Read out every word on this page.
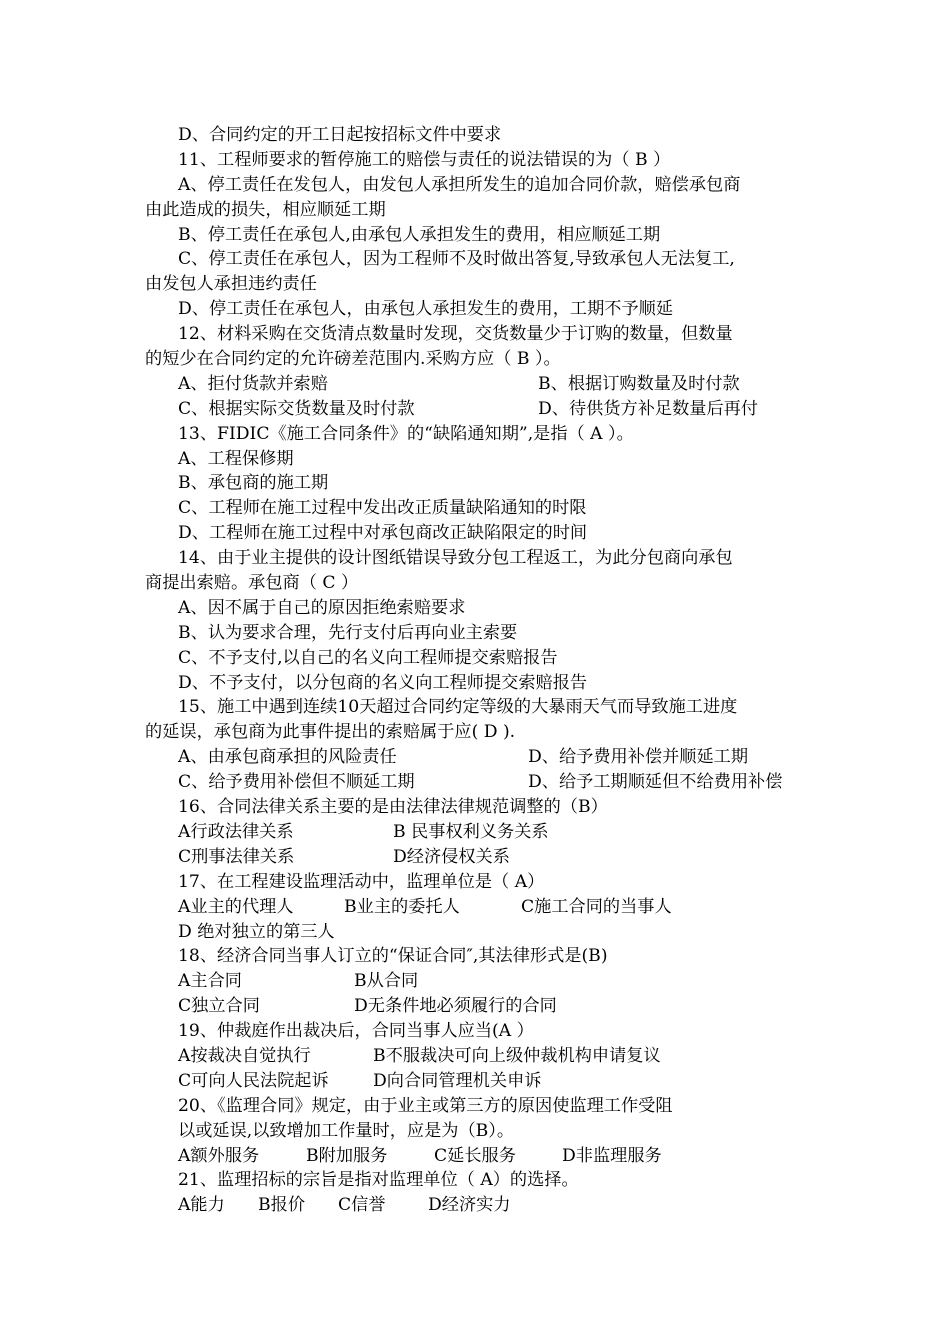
D、合同约定的开工日起按招标文件中要求
11、工程师要求的暂停施工的赔偿与责任的说法错误的为（ B ）
A、停工责任在发包人，由发包人承担所发生的追加合同价款，赔偿承包商
由此造成的损失，相应顺延工期
B、停工责任在承包人,由承包人承担发生的费用，相应顺延工期
C、停工责任在承包人，因为工程师不及时做出答复,导致承包人无法复工,
由发包人承担违约责任
D、停工责任在承包人，由承包人承担发生的费用，工期不予顺延
12、材料采购在交货清点数量时发现，交货数量少于订购的数量，但数量
的短少在合同约定的允许磅差范围内.采购方应（ B ）。
A、拒付货款并索赔	B、根据订购数量及时付款
C、根据实际交货数量及时付款	D、待供货方补足数量后再付
13、FIDIC《施工合同条件》的“缺陷通知期”,是指（ A ）。
A、工程保修期
B、承包商的施工期
C、工程师在施工过程中发出改正质量缺陷通知的时限
D、工程师在施工过程中对承包商改正缺陷限定的时间
14、由于业主提供的设计图纸错误导致分包工程返工，为此分包商向承包
商提出索赔。承包商（ C ）
A、因不属于自己的原因拒绝索赔要求
B、认为要求合理，先行支付后再向业主索要
C、不予支付,以自己的名义向工程师提交索赔报告
D、不予支付，以分包商的名义向工程师提交索赔报告
15、施工中遇到连续10天超过合同约定等级的大暴雨天气而导致施工进度
的延误，承包商为此事件提出的索赔属于应( D ).
A、由承包商承担的风险责任	D、给予费用补偿并顺延工期
C、给予费用补偿但不顺延工期	D、给予工期顺延但不给费用补偿
16、合同法律关系主要的是由法律法律规范调整的（B）
A行政法律关系	B 民事权利义务关系
C刑事法律关系	D经济侵权关系
17、在工程建设监理活动中，监理单位是（ A）
A业主的代理人	B业主的委托人	C施工合同的当事人
D 绝对独立的第三人
18、经济合同当事人订立的“保证合同″,其法律形式是(B)
A主合同	B从合同
C独立合同	D无条件地必须履行的合同
19、仲裁庭作出裁决后，合同当事人应当(A ）
A按裁决自觉执行	B不服裁决可向上级仲裁机构申请复议
C可向人民法院起诉	D向合同管理机关申诉
20、《监理合同》规定，由于业主或第三方的原因使监理工作受阻
以或延误,以致增加工作量时，应是为（B）。
A额外服务	B附加服务	C延长服务	D非监理服务
21、监理招标的宗旨是指对监理单位（ A）的选择。
A能力 B报价 C信誉 D经济实力
